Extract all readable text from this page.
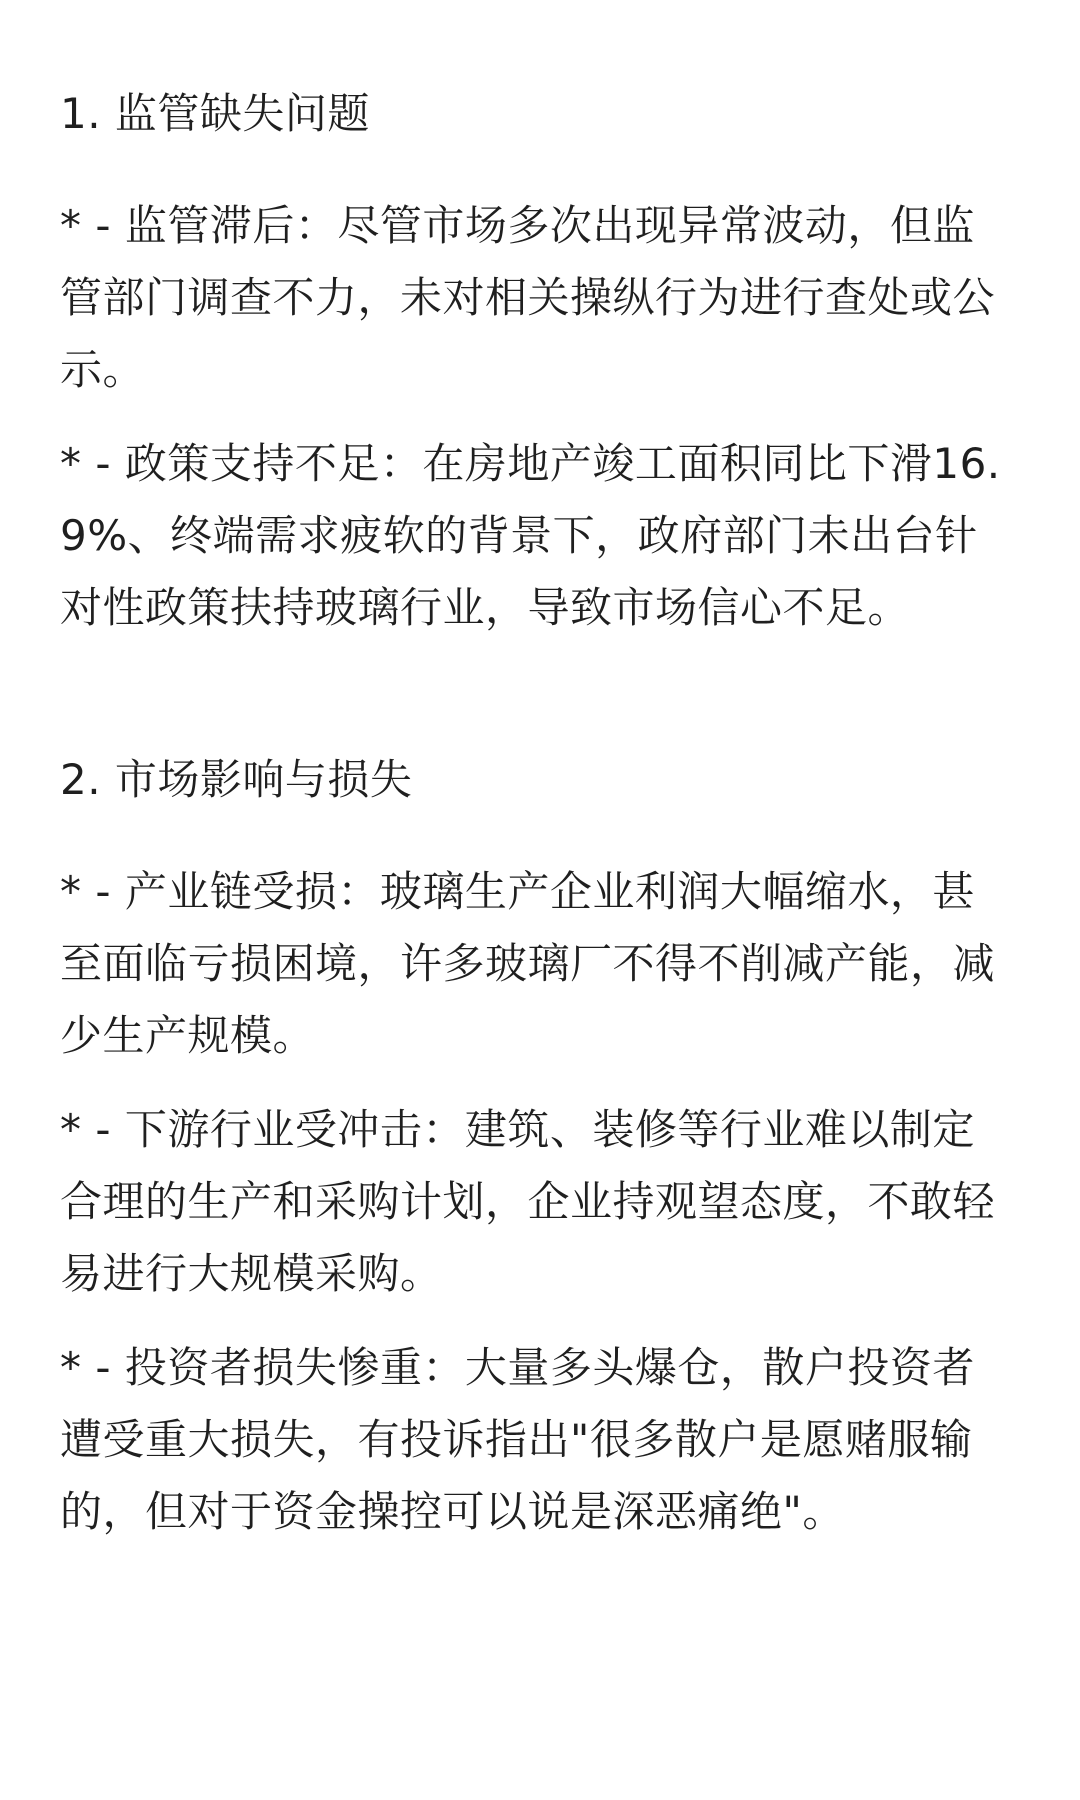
1. 监管缺失问题

* - 监管滞后：尽管市场多次出现异常波动，但监管部门调查不力，未对相关操纵行为进行查处或公示。

* - 政策支持不足：在房地产竣工面积同比下滑16.9%、终端需求疲软的背景下，政府部门未出台针对性政策扶持玻璃行业，导致市场信心不足。

2. 市场影响与损失

* - 产业链受损：玻璃生产企业利润大幅缩水，甚至面临亏损困境，许多玻璃厂不得不削减产能，减少生产规模。

* - 下游行业受冲击：建筑、装修等行业难以制定合理的生产和采购计划，企业持观望态度，不敢轻易进行大规模采购。

* - 投资者损失惨重：大量多头爆仓，散户投资者遭受重大损失，有投诉指出"很多散户是愿赌服输的，但对于资金操控可以说是深恶痛绝"。
